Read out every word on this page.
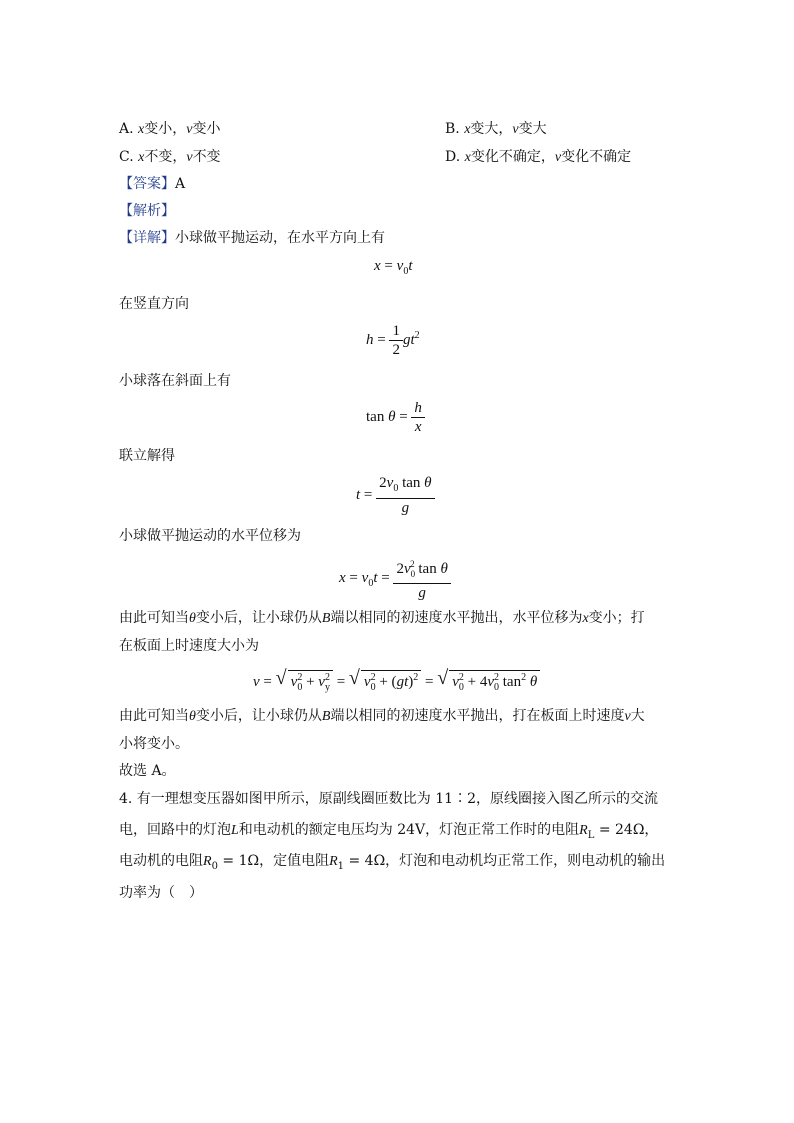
A. x变小，v变小	B. x变大，v变大
C. x不变，v不变	D. x变化不确定，v变化不确定
【答案】A
【解析】
【详解】小球做平抛运动，在水平方向上有
$x = v_0t$
在竖直方向
$h = \frac{1}{2} gt^2$
小球落在斜面上有
$\tan \theta = \frac{h}{x}$
联立解得
$t = \frac{2v_0 \tan \theta}{g}$
小球做平抛运动的水平位移为
$x = v_0t = \frac{2v_0^2 \tan \theta}{g}$
由此可知当θ变小后，让小球仍从B端以相同的初速度水平抛出，水平位移为x变小；打
在板面上时速度大小为
v = √ $v_0^2 + v_y^2$ = √ $v_0^2 + (gt)^2$ = √ $v_0^2 + 4v_0^2$ $\tan^2 \theta$
由此可知当θ变小后，让小球仍从B端以相同的初速度水平抛出，打在板面上时速度v大
小将变小。
故选 A。
4. 有一理想变压器如图甲所示，原副线圈匝数比为 11∶2，原线圈接入图乙所示的交流
电，回路中的灯泡L和电动机的额定电压均为 24V，灯泡正常工作时的电阻$R_L = 24\Omega$，
电动机的电阻$R_0 = 1\Omega$，定值电阻$R_1 = 4\Omega$，灯泡和电动机均正常工作，则电动机的输出
功率为（　）
